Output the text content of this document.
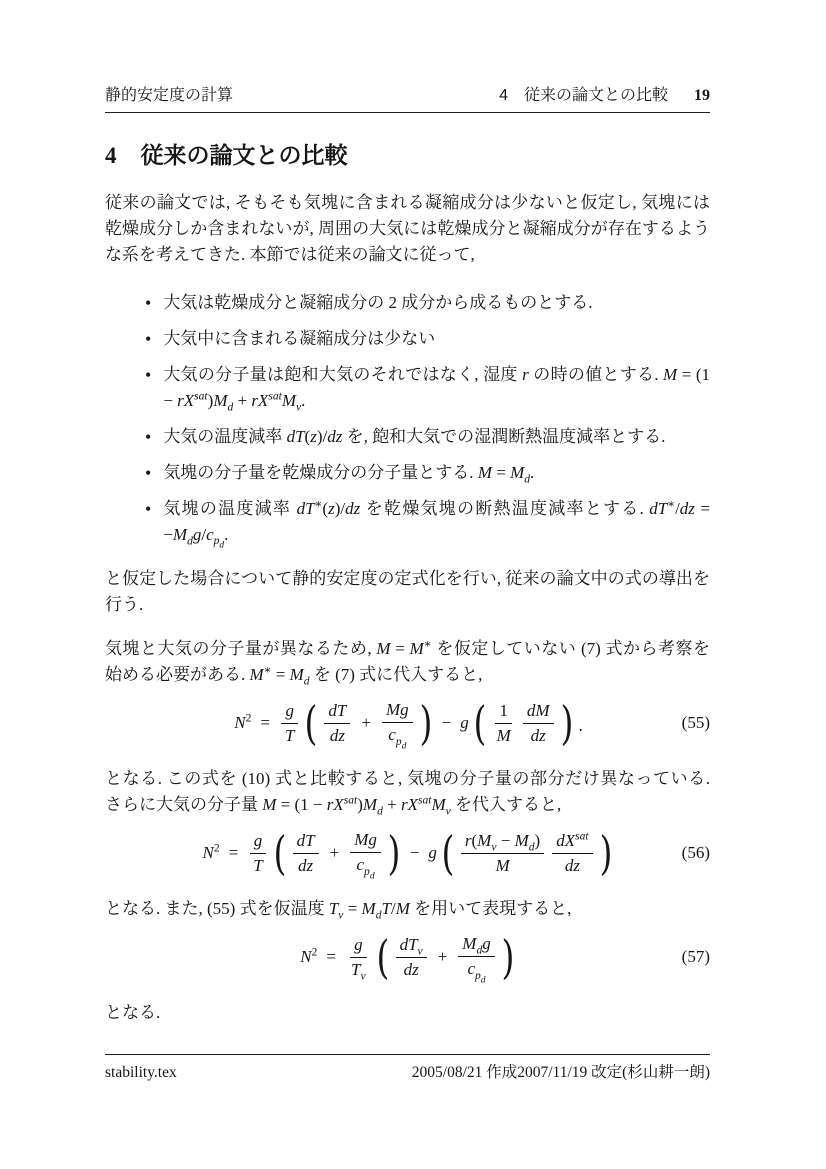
静的安定度の計算	4　従来の論文との比較 19
4 従来の論文との比較

従来の論文では, そもそも気塊に含まれる凝縮成分は少ないと仮定し, 気塊には乾燥成分しか含まれないが, 周囲の大気には乾燥成分と凝縮成分が存在するような系を考えてきた. 本節では従来の論文に従って,

• 大気は乾燥成分と凝縮成分の 2 成分から成るものとする.
• 大気中に含まれる凝縮成分は少ない
• 大気の分子量は飽和大気のそれではなく, 湿度 r の時の値とする. $M = (1 - rX^{sat})M_d + rX^{sat}M_v$.
• 大気の温度減率 dT(z)/dz を, 飽和大気での湿潤断熱温度減率とする.
• 気塊の分子量を乾燥成分の分子量とする. $M = M_d$.
• 気塊の温度減率 dT∗(z)/dz を乾燥気塊の断熱温度減率とする. $dT^∗/dz = -M_dg/c_{p_d}$.

と仮定した場合について静的安定度の定式化を行い, 従来の論文中の式の導出を行う.

気塊と大気の分子量が異なるため, M = M∗ を仮定していない (7) 式から考察を始める必要がある. $M^∗ = M_d$ を (7) 式に代入すると,

$N^2 = \frac{g}{T}$ ( $\frac{dT}{dz} + \frac{Mg}{c_{p_d}}$ ) − g ( $\frac{1}{M} \frac{dM}{dz}$ ) .	(55)

となる. この式を (10) 式と比較すると, 気塊の分子量の部分だけ異なっている. さらに大気の分子量 $M = (1 - rX^{sat})M_d + rX^{sat}M_v$ を代入すると,

$N^2 = \frac{g}{T}$ ( $\frac{dT}{dz} + \frac{Mg}{c_{p_d}}$ ) − g ( $\frac{r(M_v - M_d)}{M} \frac{dX^{sat}}{dz}$ )	(56)

となる. また, (55) 式を仮温度 $T_v = M_dT/M$ を用いて表現すると,

$N^2 = \frac{g}{T_v}$ ( $\frac{dT_v}{dz} + \frac{M_dg}{c_{p_d}}$ )	(57)

となる.

stability.tex	2005/08/21 作成2007/11/19 改定(杉山耕一朗)
